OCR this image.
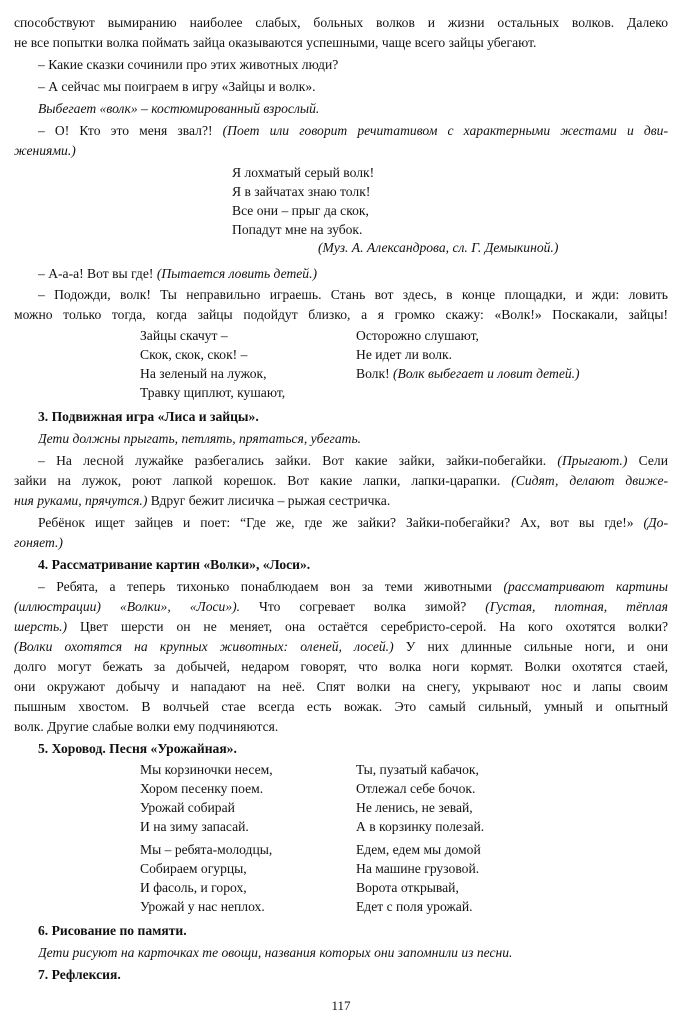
способствуют вымиранию наиболее слабых, больных волков и жизни остальных волков. Далеко
не все попытки волка поймать зайца оказываются успешными, чаще всего зайцы убегают.
– Какие сказки сочинили про этих животных люди?
– А сейчас мы поиграем в игру «Зайцы и волк».
Выбегает «волк» – костюмированный взрослый.
– О! Кто это меня звал?! (Поет или говорит речитативом с характерными жестами и дви-
жениями.)
Я лохматый серый волк!
Я в зайчатах знаю толк!
Все они – прыг да скок,
Попадут мне на зубок.
(Муз. А. Александрова, сл. Г. Демыкиной.)
– А-а-а! Вот вы где! (Пытается ловить детей.)
– Подожди, волк! Ты неправильно играешь. Стань вот здесь, в конце площадки, и жди: ловить
можно только тогда, когда зайцы подойдут близко, а я громко скажу: «Волк!» Поскакали, зайцы!
Зайцы скачут –
Скок, скок, скок! –
На зеленый на лужок,
Травку щиплют, кушают,
Осторожно слушают,
Не идет ли волк.
Волк! (Волк выбегает и ловит детей.)
3. Подвижная игра «Лиса и зайцы».
Дети должны прыгать, петлять, прятаться, убегать.
– На лесной лужайке разбегались зайки. Вот какие зайки, зайки-побегайки. (Прыгают.) Сели
зайки на лужок, роют лапкой корешок. Вот какие лапки, лапки-царапки. (Сидят, делают движе-
ния руками, прячутся.) Вдруг бежит лисичка – рыжая сестричка.
Ребёнок ищет зайцев и поет: “Где же, где же зайки? Зайки-побегайки? Ах, вот вы где!» (До-
гоняет.)
4. Рассматривание картин «Волки», «Лоси».
– Ребята, а теперь тихонько понаблюдаем вон за теми животными (рассматривают картины
(иллюстрации) «Волки», «Лоси»). Что согревает волка зимой? (Густая, плотная, тёплая
шерсть.) Цвет шерсти он не меняет, она остаётся серебристо-серой. На кого охотятся волки?
(Волки охотятся на крупных животных: оленей, лосей.) У них длинные сильные ноги, и они
долго могут бежать за добычей, недаром говорят, что волка ноги кормят. Волки охотятся стаей,
они окружают добычу и нападают на неё. Спят волки на снегу, укрывают нос и лапы своим
пышным хвостом. В волчьей стае всегда есть вожак. Это самый сильный, умный и опытный
волк. Другие слабые волки ему подчиняются.
5. Хоровод. Песня «Урожайная».
Мы корзиночки несем,
Хором песенку поем.
Урожай собирай
И на зиму запасай.
Ты, пузатый кабачок,
Отлежал себе бочок.
Не ленись, не зевай,
А в корзинку полезай.
Мы – ребята-молодцы,
Собираем огурцы,
И фасоль, и горох,
Урожай у нас неплох.
Едем, едем мы домой
На машине грузовой.
Ворота открывай,
Едет с поля урожай.
6. Рисование по памяти.
Дети рисуют на карточках те овощи, названия которых они запомнили из песни.
7. Рефлексия.
117
